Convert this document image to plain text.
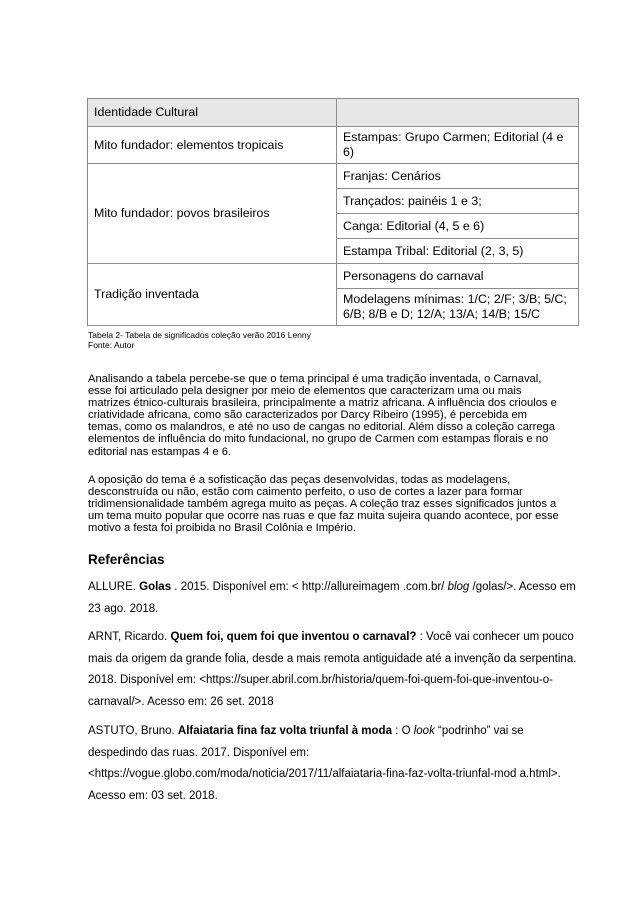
Identidade Cultural	
Mito fundador: elementos tropicais	Estampas: Grupo Carmen; Editorial (4 e 6)
Mito fundador: povos brasileiros	Franjas: Cenários
	Trançados: painéis 1 e 3;
	Canga: Editorial (4, 5 e 6)
	Estampa Tribal: Editorial (2, 3, 5)
Tradição inventada	Personagens do carnaval
	Modelagens mínimas: 1/C; 2/F; 3/B; 5/C; 6/B; 8/B e D; 12/A; 13/A; 14/B; 15/C
Tabela 2- Tabela de significados coleção verão 2016 Lenny
Fonte: Autor
Analisando a tabela percebe-se que o tema principal é uma tradição inventada, o Carnaval, esse foi articulado pela designer por meio de elementos que caracterizam uma ou mais matrizes étnico-culturais brasileira, principalmente a matriz africana. A influência dos crioulos e criatividade africana, como são caracterizados por Darcy Ribeiro (1995), é percebida em temas, como os malandros, e até no uso de cangas no editorial. Além disso a coleção carrega elementos de influência do mito fundacional, no grupo de Carmen com estampas florais e no editorial nas estampas 4 e 6.
A oposição do tema é a sofisticação das peças desenvolvidas, todas as modelagens, desconstruída ou não, estão com caimento perfeito, o uso de cortes a lazer para formar tridimensionalidade também agrega muito as peças. A coleção traz esses significados juntos a um tema muito popular que ocorre nas ruas e que faz muita sujeira quando acontece, por esse motivo a festa foi proibida no Brasil Colônia e Império.
Referências
ALLURE. Golas . 2015. Disponível em: < http://allureimagem .com.br/ blog /golas/>. Acesso em 23 ago. 2018.
ARNT, Ricardo. Quem foi, quem foi que inventou o carnaval? : Você vai conhecer um pouco mais da origem da grande folia, desde a mais remota antiguidade até a invenção da serpentina. 2018. Disponível em: <https://super.abril.com.br/historia/quem-foi-quem-foi-que-inventou-o-carnaval/>. Acesso em: 26 set. 2018
ASTUTO, Bruno. Alfaiataria fina faz volta triunfal à moda : O look “podrinho” vai se despedindo das ruas. 2017. Disponível em: <https://vogue.globo.com/moda/noticia/2017/11/alfaiataria-fina-faz-volta-triunfal-mod a.html>. Acesso em: 03 set. 2018.
